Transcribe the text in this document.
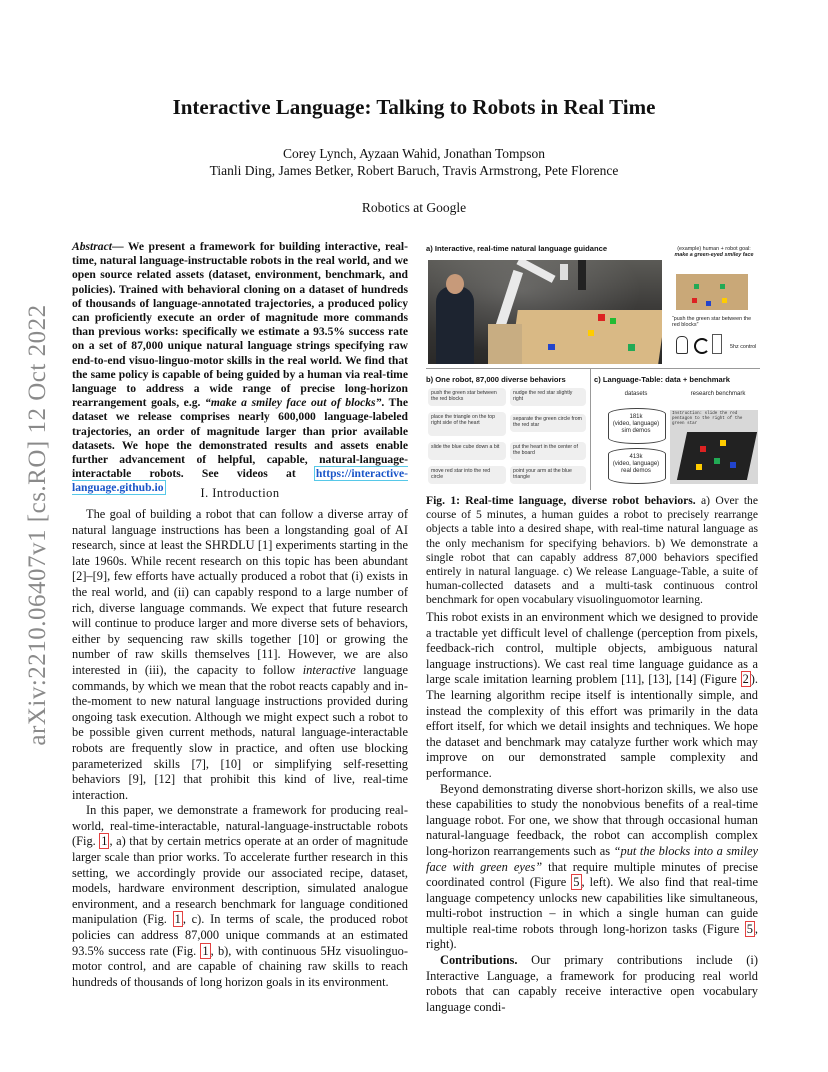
arXiv:2210.06407v1 [cs.RO] 12 Oct 2022
Interactive Language: Talking to Robots in Real Time
Corey Lynch, Ayzaan Wahid, Jonathan Tompson
Tianli Ding, James Betker, Robert Baruch, Travis Armstrong, Pete Florence
Robotics at Google
Abstract— We present a framework for building interactive, real-time, natural language-instructable robots in the real world, and we open source related assets (dataset, environment, benchmark, and policies). Trained with behavioral cloning on a dataset of hundreds of thousands of language-annotated trajectories, a produced policy can proficiently execute an order of magnitude more commands than previous works: specifically we estimate a 93.5% success rate on a set of 87,000 unique natural language strings specifying raw end-to-end visuo-linguo-motor skills in the real world. We find that the same policy is capable of being guided by a human via real-time language to address a wide range of precise long-horizon rearrangement goals, e.g. “make a smiley face out of blocks”. The dataset we release comprises nearly 600,000 language-labeled trajectories, an order of magnitude larger than prior available datasets. We hope the demonstrated results and assets enable further advancement of helpful, capable, natural-language-interactable robots. See videos at https://interactive-language.github.io	I. Introduction

The goal of building a robot that can follow a diverse array of natural language instructions has been a longstanding goal of AI research, since at least the SHRDLU [1] experiments starting in the late 1960s. While recent research on this topic has been abundant [2]–[9], few efforts have actually produced a robot that (i) exists in the real world, and (ii) can capably respond to a large number of rich, diverse language commands. We expect that future research will continue to produce larger and more diverse sets of behaviors, either by sequencing raw skills together [10] or growing the number of raw skills themselves [11]. However, we are also interested in (iii), the capacity to follow interactive language commands, by which we mean that the robot reacts capably and in-the-moment to new natural language instructions provided during ongoing task execution. Although we might expect such a robot to be possible given current methods, natural language-interactable robots are frequently slow in practice, and often use blocking parameterized skills [7], [10] or simplifying self-resetting behaviors [9], [12] that prohibit this kind of live, real-time interaction.

In this paper, we demonstrate a framework for producing real-world, real-time-interactable, natural-language-instructable robots (Fig. 1 , a) that by certain metrics operate at an order of magnitude larger scale than prior works. To accelerate further research in this setting, we accordingly provide our associated recipe, dataset, models, hardware environment description, simulated analogue environment, and a research benchmark for language conditioned manipulation (Fig. 1 , c). In terms of scale, the produced robot policies can address 87,000 unique commands at an estimated 93.5% success rate (Fig. 1 , b), with continuous 5Hz visuolinguo-motor control, and are capable of chaining raw skills to reach hundreds of thousands of long horizon goals in its environment.

a) Interactive, real-time natural language guidance	(example) human + robot goal:
make a green-eyed smiley face
“push the green star between the red blocks”
5hz control
b) One robot, 87,000 diverse behaviors
push the green star between the red blocks
nudge the red star slightly right
place the triangle on the top right side of the heart
separate the green circle from the red star
slide the blue cube down a bit	put the heart in the center of the board
move red star into the red circle
point your arm at the blue triangle
c) Language-Table: data + benchmark
datasets	research benchmark
181k
(video, language)
sim demos
413k
(video, language)
real demos
Instruction: slide the red pentagon to the right of the green star
Fig. 1: Real-time language, diverse robot behaviors. a) Over the course of 5 minutes, a human guides a robot to precisely rearrange objects a table into a desired shape, with real-time natural language as the only mechanism for specifying behaviors. b) We demonstrate a single robot that can capably address 87,000 behaviors specified entirely in natural language. c) We release Language-Table, a suite of human-collected datasets and a multi-task continuous control benchmark for open vocabulary visuolinguomotor learning.

This robot exists in an environment which we designed to provide a tractable yet difficult level of challenge (perception from pixels, feedback-rich control, multiple objects, ambiguous natural language instructions). We cast real time language guidance as a large scale imitation learning problem [11], [13], [14] (Figure 2 ). The learning algorithm recipe itself is intentionally simple, and instead the complexity of this effort was primarily in the data effort itself, for which we detail insights and techniques. We hope the dataset and benchmark may catalyze further work which may improve on our demonstrated sample complexity and performance.

Beyond demonstrating diverse short-horizon skills, we also use these capabilities to study the nonobvious benefits of a real-time language robot. For one, we show that through occasional human natural-language feedback, the robot can accomplish complex long-horizon rearrangements such as “put the blocks into a smiley face with green eyes” that require multiple minutes of precise coordinated control (Figure 5 , left). We also find that real-time language competency unlocks new capabilities like simultaneous, multi-robot instruction – in which a single human can guide multiple real-time robots through long-horizon tasks (Figure 5 , right).

Contributions. Our primary contributions include (i) Interactive Language, a framework for producing real world robots that can capably receive interactive open vocabulary language condi-
